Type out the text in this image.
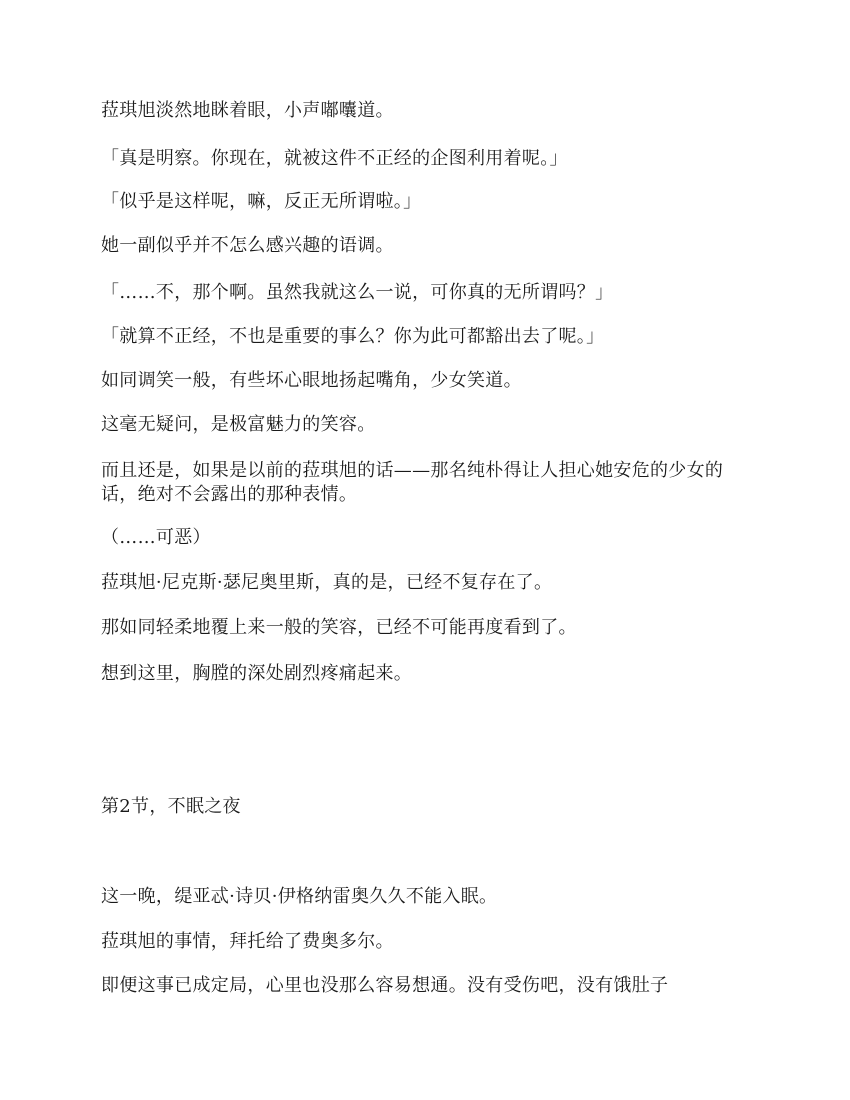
菈琪旭淡然地眯着眼，小声嘟囔道。

「真是明察。你现在，就被这件不正经的企图利用着呢。」

「似乎是这样呢，嘛，反正无所谓啦。」

她一副似乎并不怎么感兴趣的语调。

「……不，那个啊。虽然我就这么一说，可你真的无所谓吗？」

「就算不正经，不也是重要的事么？你为此可都豁出去了呢。」

如同调笑一般，有些坏心眼地扬起嘴角，少女笑道。

这毫无疑问，是极富魅力的笑容。

而且还是，如果是以前的菈琪旭的话——那名纯朴得让人担心她安危的少女的话，绝对不会露出的那种表情。

（……可恶）

菈琪旭·尼克斯·瑟尼奥里斯，真的是，已经不复存在了。

那如同轻柔地覆上来一般的笑容，已经不可能再度看到了。

想到这里，胸膛的深处剧烈疼痛起来。

第2节，不眠之夜

这一晚，缇亚忒·诗贝·伊格纳雷奥久久不能入眠。

菈琪旭的事情，拜托给了费奥多尔。

即便这事已成定局，心里也没那么容易想通。没有受伤吧，没有饿肚子
